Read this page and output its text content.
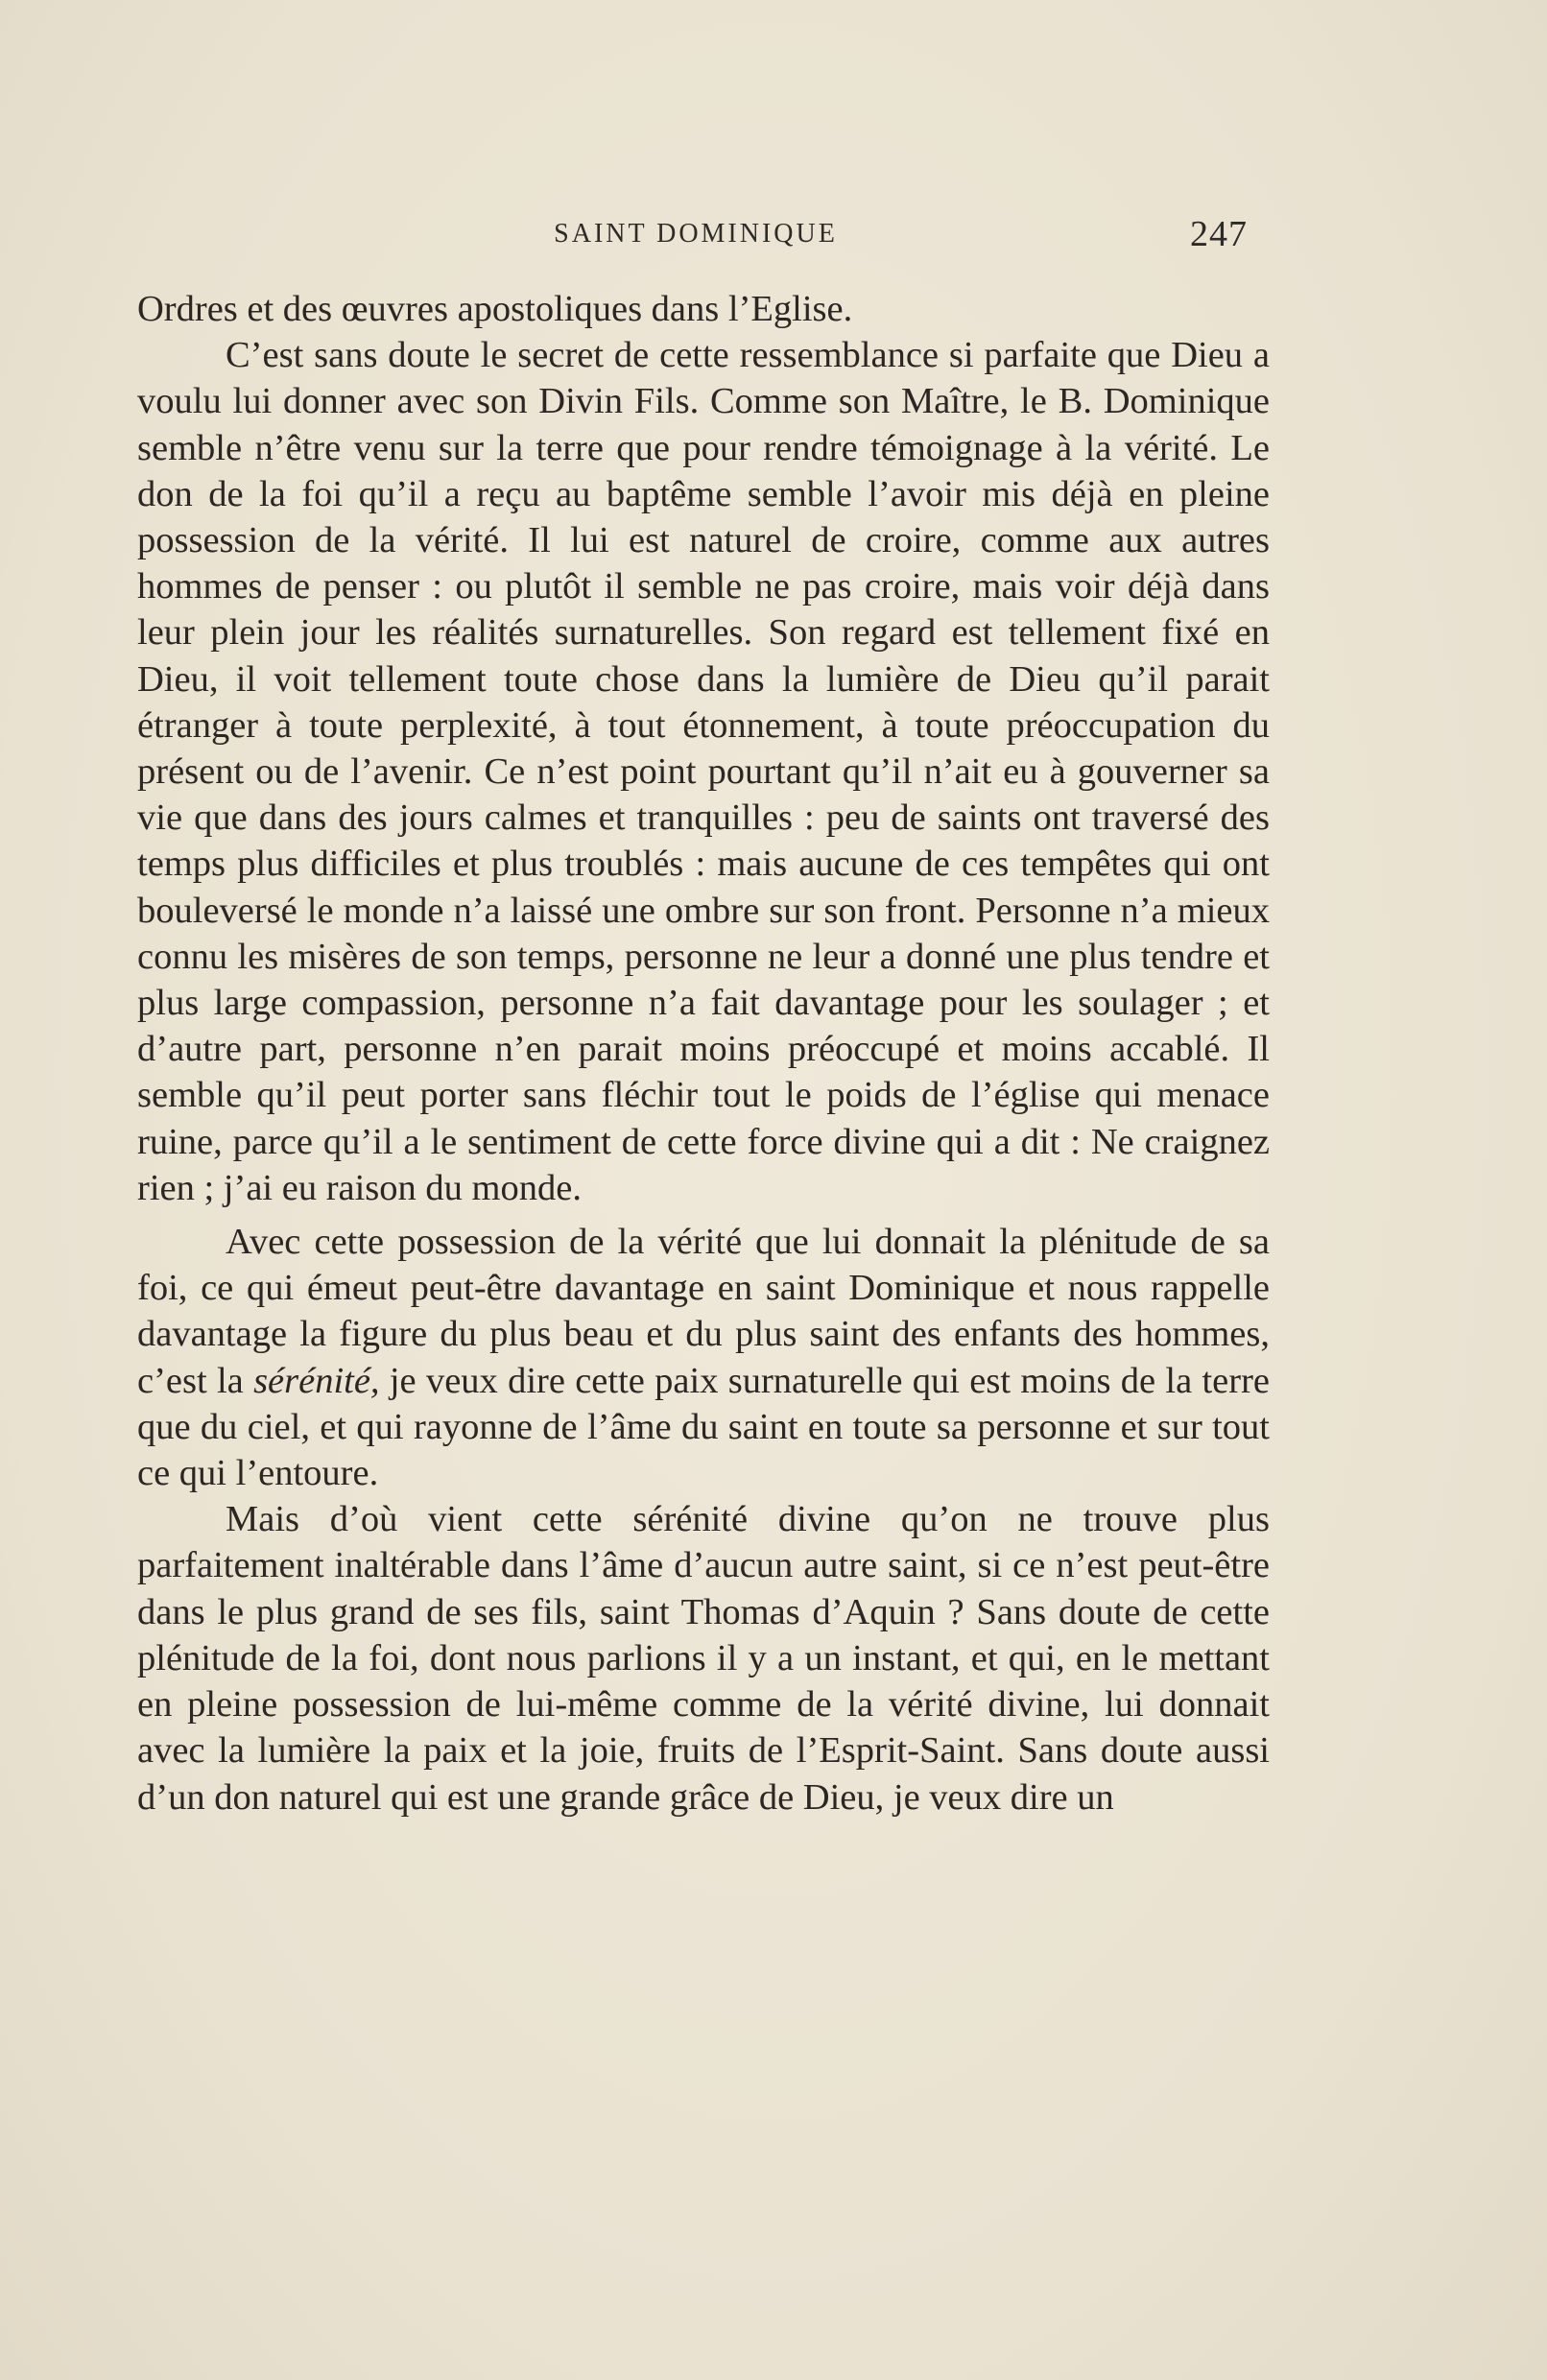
SAINT DOMINIQUE	247

Ordres et des œuvres apostoliques dans l’Eglise.

C’est sans doute le secret de cette ressemblance si parfaite que Dieu a voulu lui donner avec son Divin Fils. Comme son Maître, le B. Dominique semble n’être venu sur la terre que pour rendre témoignage à la vérité. Le don de la foi qu’il a reçu au baptême semble l’avoir mis déjà en pleine possession de la vérité. Il lui est naturel de croire, comme aux autres hommes de penser : ou plutôt il semble ne pas croire, mais voir déjà dans leur plein jour les réalités surnaturelles. Son regard est tellement fixé en Dieu, il voit tellement toute chose dans la lumière de Dieu qu’il parait étranger à toute perplexité, à tout étonnement, à toute préoccupation du présent ou de l’avenir. Ce n’est point pourtant qu’il n’ait eu à gouverner sa vie que dans des jours calmes et tranquilles : peu de saints ont traversé des temps plus difficiles et plus troublés : mais aucune de ces tempêtes qui ont bouleversé le monde n’a laissé une ombre sur son front. Personne n’a mieux connu les misères de son temps, personne ne leur a donné une plus tendre et plus large compassion, personne n’a fait davantage pour les soulager ; et d’autre part, personne n’en parait moins préoccupé et moins accablé. Il semble qu’il peut porter sans fléchir tout le poids de l’église qui menace ruine, parce qu’il a le sentiment de cette force divine qui a dit : Ne craignez rien ; j’ai eu raison du monde.

Avec cette possession de la vérité que lui donnait la plénitude de sa foi, ce qui émeut peut-être davantage en saint Dominique et nous rappelle davantage la figure du plus beau et du plus saint des enfants des hommes, c’est la sérénité, je veux dire cette paix surnaturelle qui est moins de la terre que du ciel, et qui rayonne de l’âme du saint en toute sa personne et sur tout ce qui l’entoure.

Mais d’où vient cette sérénité divine qu’on ne trouve plus parfaitement inaltérable dans l’âme d’aucun autre saint, si ce n’est peut-être dans le plus grand de ses fils, saint Thomas d’Aquin ? Sans doute de cette plénitude de la foi, dont nous parlions il y a un instant, et qui, en le mettant en pleine possession de lui-même comme de la vérité divine, lui donnait avec la lumière la paix et la joie, fruits de l’Esprit-Saint. Sans doute aussi d’un don naturel qui est une grande grâce de Dieu, je veux dire un
